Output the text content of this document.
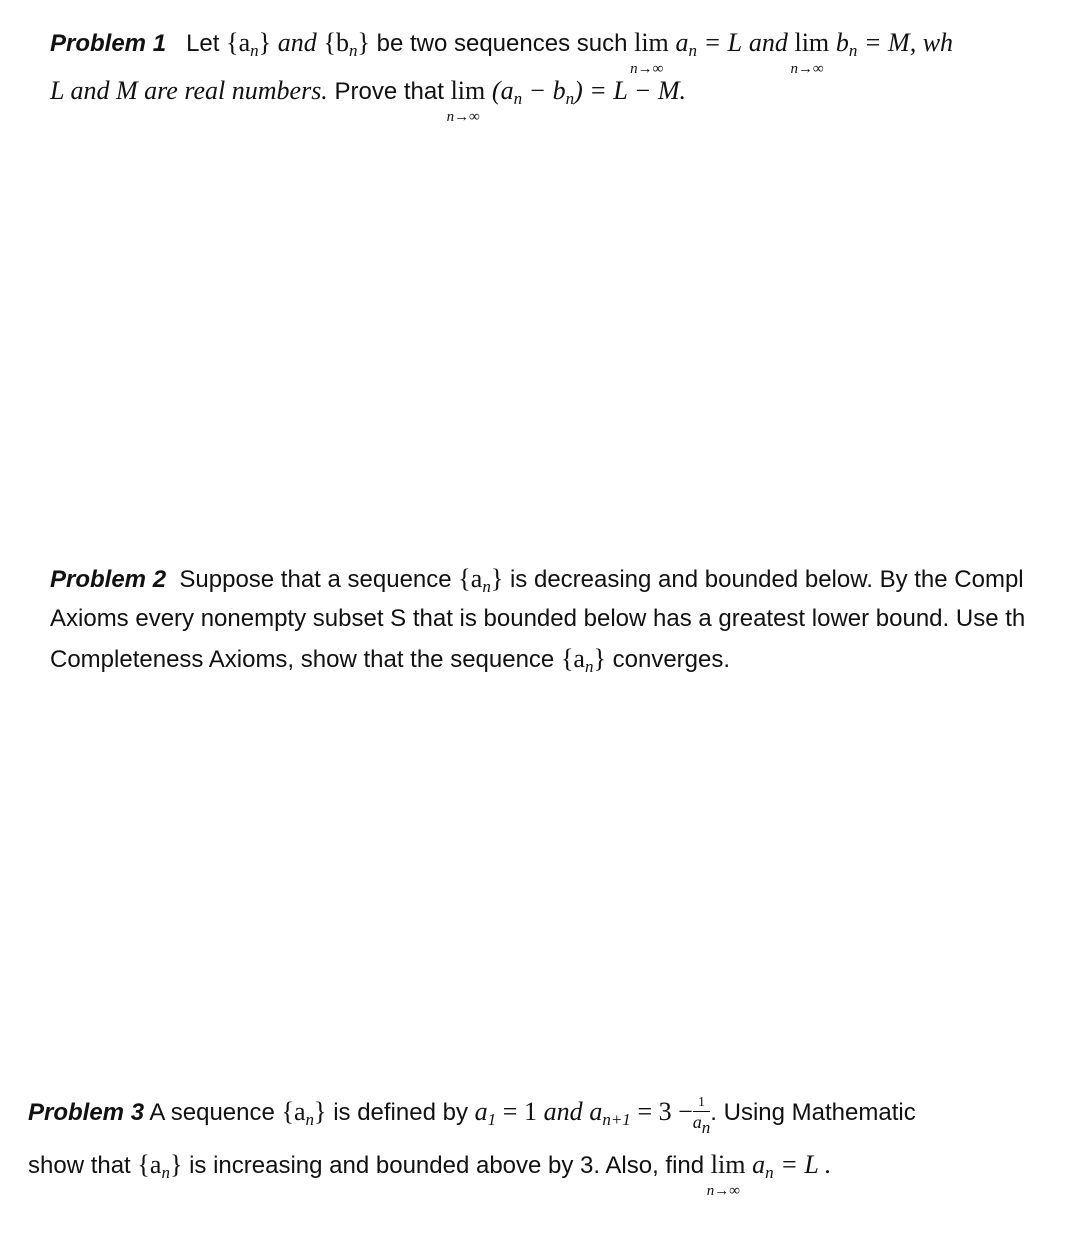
Problem 1 Let $\{a_n\}$ and $\{b_n\}$ be two sequences such lim
n→∞
$a_n = L$ and lim
n→∞
$b_n = M$, wh
L and M are real numbers. Prove that lim
n→∞
$(a_n - b_n) = L - M$.
Problem 2 Suppose that a sequence $\{a_n\}$ is decreasing and bounded below. By the Compl
Axioms every nonempty subset S that is bounded below has a greatest lower bound. Use th
Completeness Axioms, show that the sequence $\{a_n\}$ converges.
Problem 3 A sequence $\{a_n\}$ is defined by $a_1 = 1$ and $a_{n+1} = 3 - \frac{1}{a_n}$ . Using Mathematic
show that $\{a_n\}$ is increasing and bounded above by 3. Also, find lim
n→∞
$a_n = L$ .
